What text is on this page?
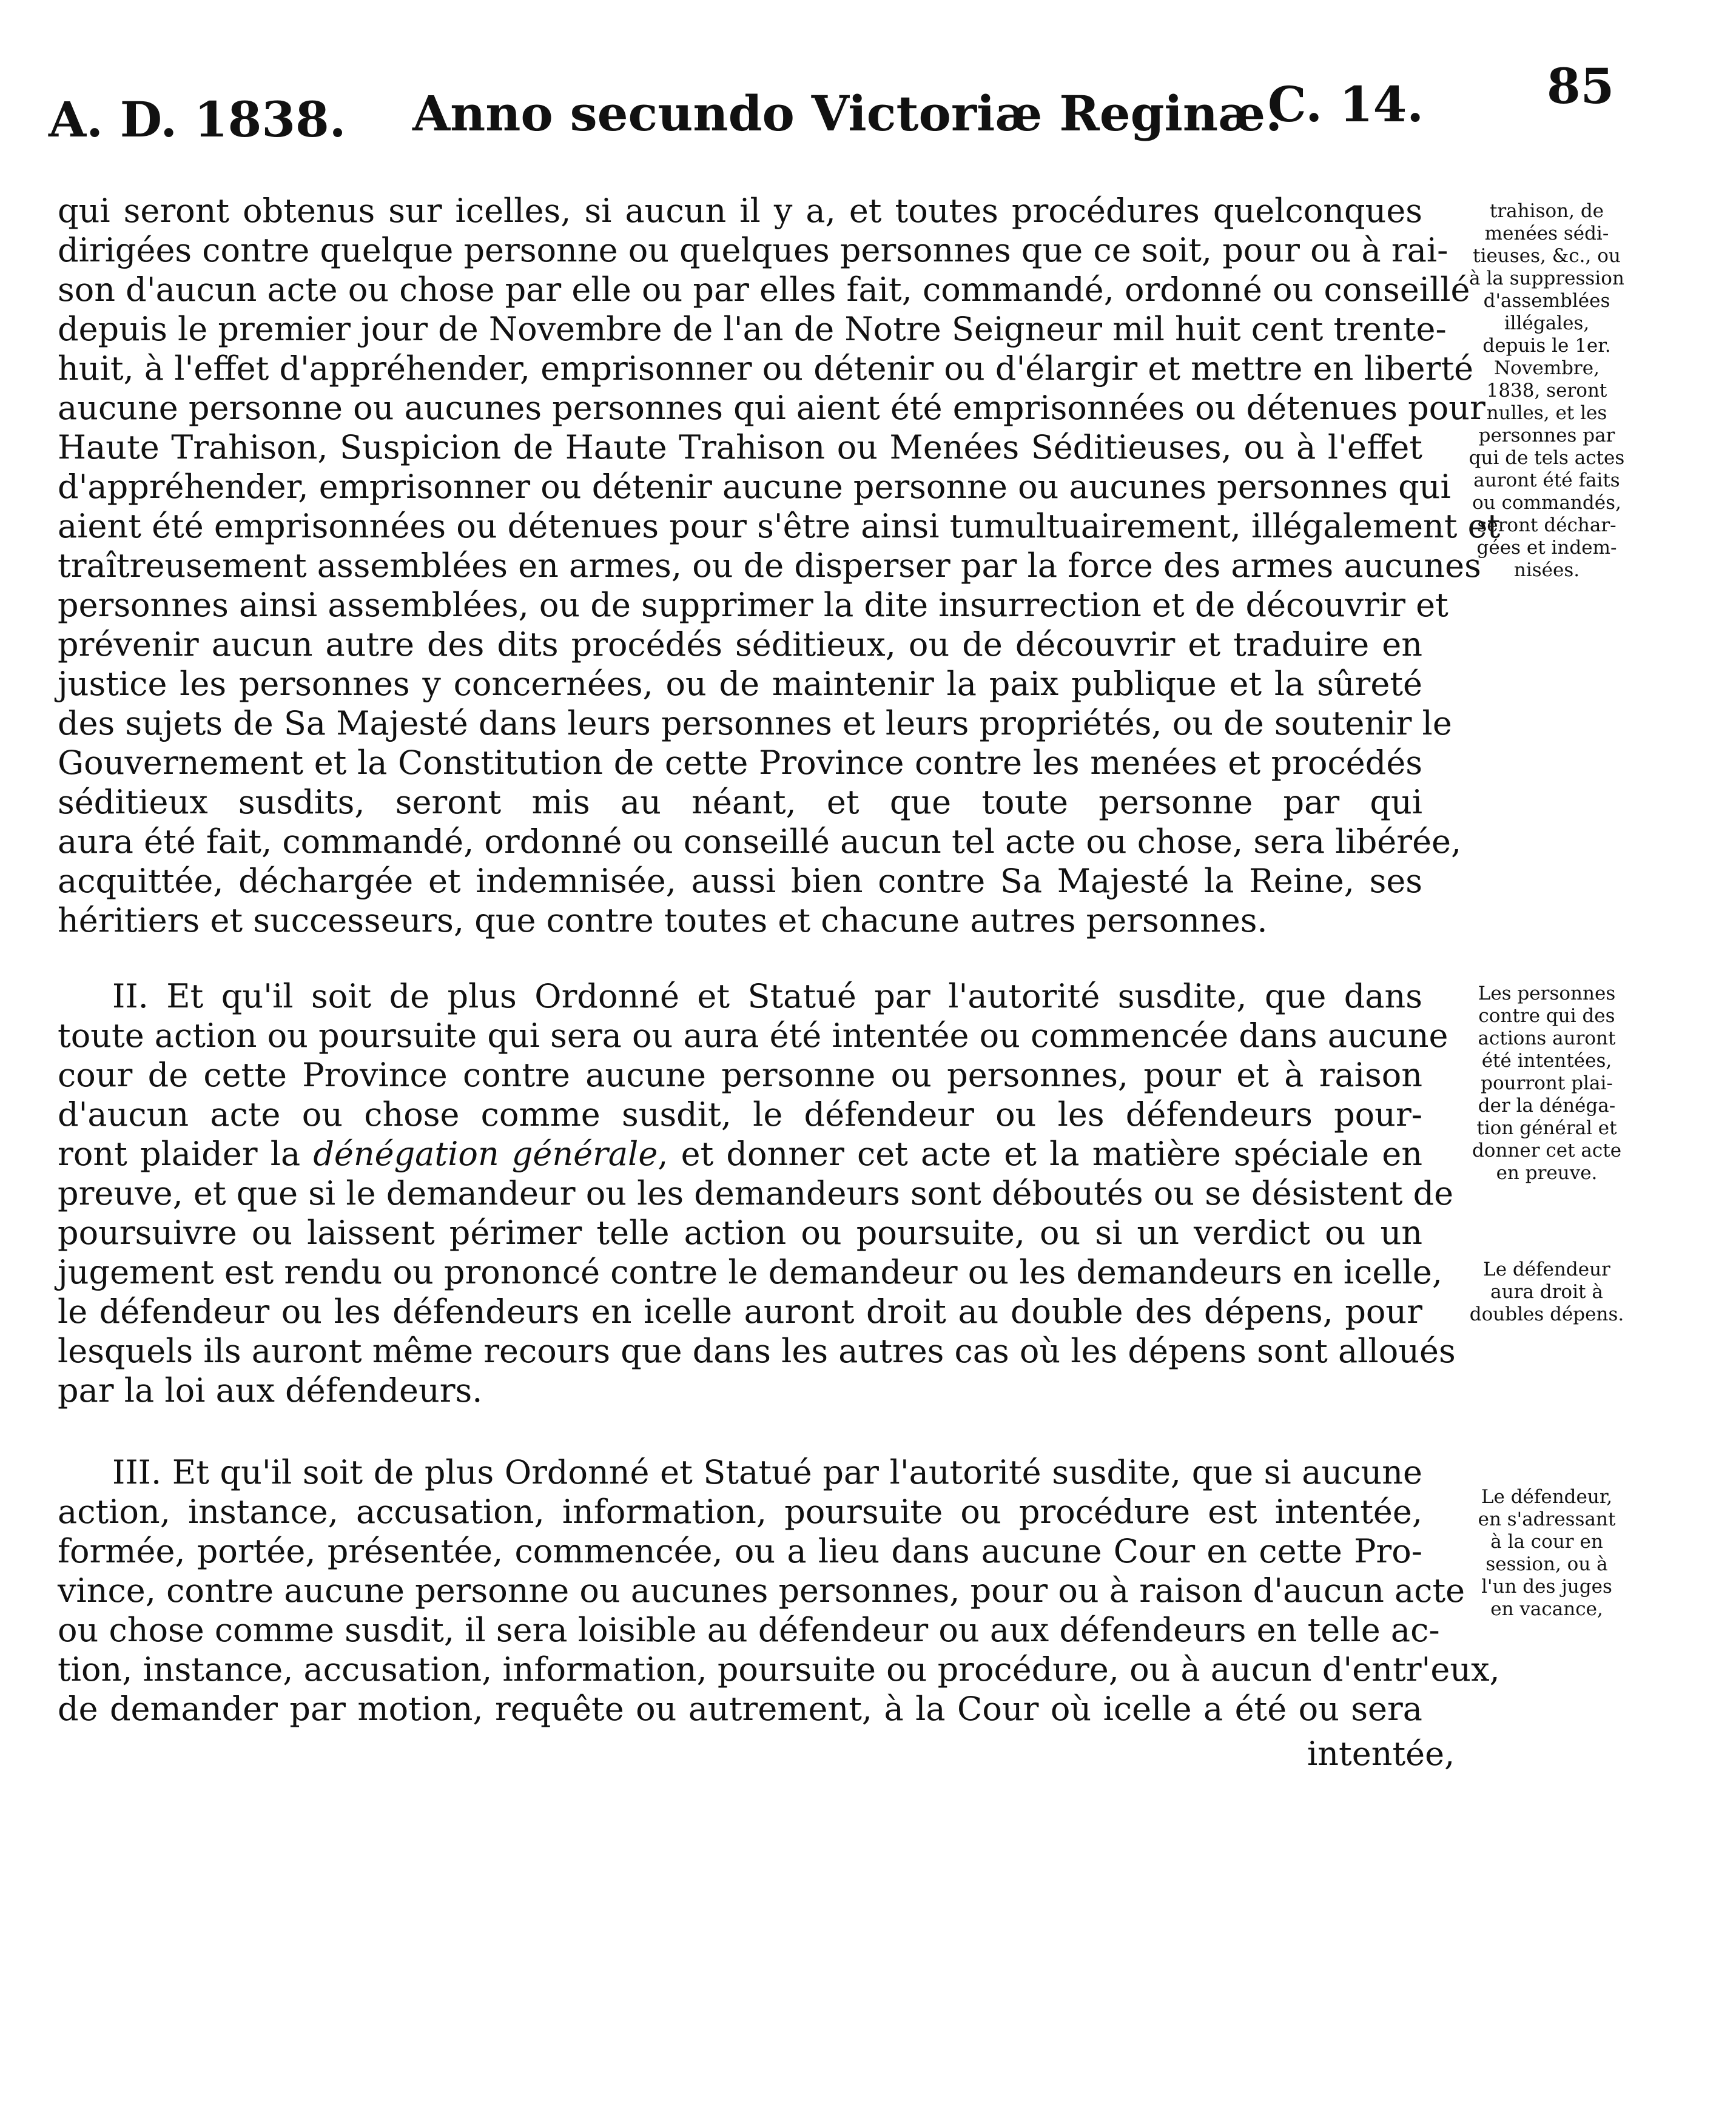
A. D. 1838. Anno secundo Victoriæ Reginæ.
C. 14.	85
qui seront obtenus sur icelles, si aucun il y a, et toutes procédures quelconques
dirigées contre quelque personne ou quelques personnes que ce soit, pour ou à rai-
son d'aucun acte ou chose par elle ou par elles fait, commandé, ordonné ou conseillé
depuis le premier jour de Novembre de l'an de Notre Seigneur mil huit cent trente-
huit, à l'effet d'appréhender, emprisonner ou détenir ou d'élargir et mettre en liberté
aucune personne ou aucunes personnes qui aient été emprisonnées ou détenues pour
Haute Trahison, Suspicion de Haute Trahison ou Menées Séditieuses, ou à l'effet
d'appréhender, emprisonner ou détenir aucune personne ou aucunes personnes qui
aient été emprisonnées ou détenues pour s'être ainsi tumultuairement, illégalement et
traîtreusement assemblées en armes, ou de disperser par la force des armes aucunes
personnes ainsi assemblées, ou de supprimer la dite insurrection et de découvrir et
prévenir aucun autre des dits procédés séditieux, ou de découvrir et traduire en
justice les personnes y concernées, ou de maintenir la paix publique et la sûreté
des sujets de Sa Majesté dans leurs personnes et leurs propriétés, ou de soutenir le
Gouvernement et la Constitution de cette Province contre les menées et procédés
séditieux susdits, seront mis au néant, et que toute personne par qui
aura été fait, commandé, ordonné ou conseillé aucun tel acte ou chose, sera libérée,
acquittée, déchargée et indemnisée, aussi bien contre Sa Majesté la Reine, ses
héritiers et successeurs, que contre toutes et chacune autres personnes.
II. Et qu'il soit de plus Ordonné et Statué par l'autorité susdite, que dans
toute action ou poursuite qui sera ou aura été intentée ou commencée dans aucune
cour de cette Province contre aucune personne ou personnes, pour et à raison
d'aucun acte ou chose comme susdit, le défendeur ou les défendeurs pour-
ront plaider la dénégation générale, et donner cet acte et la matière spéciale en
preuve, et que si le demandeur ou les demandeurs sont déboutés ou se désistent de
poursuivre ou laissent périmer telle action ou poursuite, ou si un verdict ou un
jugement est rendu ou prononcé contre le demandeur ou les demandeurs en icelle,
le défendeur ou les défendeurs en icelle auront droit au double des dépens, pour
lesquels ils auront même recours que dans les autres cas où les dépens sont alloués
par la loi aux défendeurs.
III. Et qu'il soit de plus Ordonné et Statué par l'autorité susdite, que si aucune
action, instance, accusation, information, poursuite ou procédure est intentée,
formée, portée, présentée, commencée, ou a lieu dans aucune Cour en cette Pro-
vince, contre aucune personne ou aucunes personnes, pour ou à raison d'aucun acte
ou chose comme susdit, il sera loisible au défendeur ou aux défendeurs en telle ac-
tion, instance, accusation, information, poursuite ou procédure, ou à aucun d'entr'eux,
de demander par motion, requête ou autrement, à la Cour où icelle a été ou sera
intentée,
trahison, de
menées sédi-
tieuses, &c., ou
à la suppression
d'assemblées
illégales,
depuis le 1er.
Novembre,
1838, seront
nulles, et les
personnes par
qui de tels actes
auront été faits
ou commandés,
seront déchar-
gées et indem-
nisées.
Les personnes
contre qui des
actions auront
été intentées,
pourront plai-
der la dénéga-
tion général et
donner cet acte
en preuve.
Le défendeur
aura droit à
doubles dépens.
Le défendeur,
en s'adressant
à la cour en
session, ou à
l'un des juges
en vacance,
